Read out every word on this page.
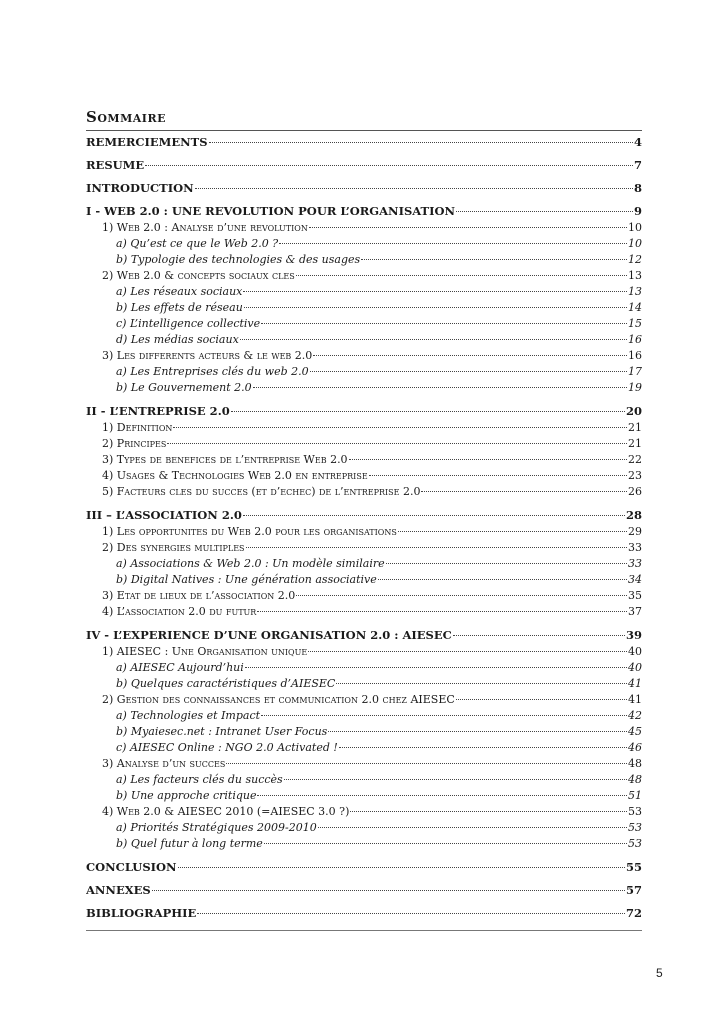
Sommaire
REMERCIEMENTS	4
RESUME	7
INTRODUCTION	8
I - WEB 2.0 : UNE REVOLUTION POUR L’ORGANISATION	9
1) Web 2.0 : Analyse d’une revolution	10
a) Qu’est ce que le Web 2.0 ?	10
b) Typologie des technologies & des usages	12
2) Web 2.0 & concepts sociaux cles	13
a) Les réseaux sociaux	13
b) Les effets de réseau	14
c) L’intelligence collective	15
d) Les médias sociaux	16
3) Les differents acteurs & le web 2.0	16
a) Les Entreprises clés du web 2.0	17
b) Le Gouvernement 2.0	19
II - L’ENTREPRISE 2.0	20
1) Definition	21
2) Principes	21
3) Types de benefices de l’entreprise Web 2.0	22
4) Usages & Technologies Web 2.0 en entreprise	23
5) Facteurs cles du succes (et d’echec) de l’entreprise 2.0	26
III – L’ASSOCIATION 2.0	28
1) Les opportunites du Web 2.0 pour les organisations	29
2) Des synergies multiples	33
a) Associations & Web 2.0 : Un modèle similaire	33
b) Digital Natives : Une génération associative	34
3) Etat de lieux de l’association 2.0	35
4) L’association 2.0 du futur	37
IV - L’EXPERIENCE D’UNE ORGANISATION 2.0 : AIESEC	39
1) AIESEC : Une Organisation unique	40
a) AIESEC Aujourd’hui	40
b) Quelques caractéristiques d’AIESEC	41
2) Gestion des connaissances et communication 2.0 chez AIESEC	41
a) Technologies et Impact	42
b) Myaiesec.net : Intranet User Focus	45
c) AIESEC Online : NGO 2.0 Activated !	46
3) Analyse d’un succes	48
a) Les facteurs clés du succès	48
b) Une approche critique	51
4) Web 2.0 & AIESEC 2010 (=AIESEC 3.0 ?)	53
a) Priorités Stratégiques 2009-2010	53
b) Quel futur à long terme	53
CONCLUSION	55
ANNEXES	57
BIBLIOGRAPHIE	72
5
